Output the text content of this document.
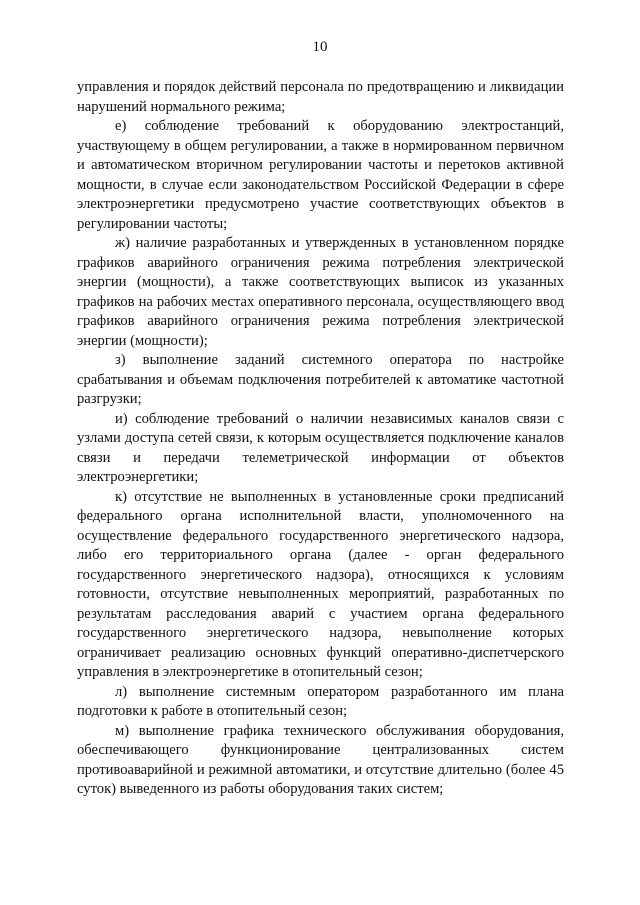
10

управления и порядок действий персонала по предотвращению и ликвидации нарушений нормального режима;

е) соблюдение требований к оборудованию электростанций, участвующему в общем регулировании, а также в нормированном первичном и автоматическом вторичном регулировании частоты и перетоков активной мощности, в случае если законодательством Российской Федерации в сфере электроэнергетики предусмотрено участие соответствующих объектов в регулировании частоты;

ж) наличие разработанных и утвержденных в установленном порядке графиков аварийного ограничения режима потребления электрической энергии (мощности), а также соответствующих выписок из указанных графиков на рабочих местах оперативного персонала, осуществляющего ввод графиков аварийного ограничения режима потребления электрической энергии (мощности);

з) выполнение заданий системного оператора по настройке срабатывания и объемам подключения потребителей к автоматике частотной разгрузки;

и) соблюдение требований о наличии независимых каналов связи с узлами доступа сетей связи, к которым осуществляется подключение каналов связи и передачи телеметрической информации от объектов электроэнергетики;

к) отсутствие не выполненных в установленные сроки предписаний федерального органа исполнительной власти, уполномоченного на осуществление федерального государственного энергетического надзора, либо его территориального органа (далее - орган федерального государственного энергетического надзора), относящихся к условиям готовности, отсутствие невыполненных мероприятий, разработанных по результатам расследования аварий с участием органа федерального государственного энергетического надзора, невыполнение которых ограничивает реализацию основных функций оперативно-диспетчерского управления в электроэнергетике в отопительный сезон;

л) выполнение системным оператором разработанного им плана подготовки к работе в отопительный сезон;

м) выполнение графика технического обслуживания оборудования, обеспечивающего функционирование централизованных систем противоаварийной и режимной автоматики, и отсутствие длительно (более 45 суток) выведенного из работы оборудования таких систем;
